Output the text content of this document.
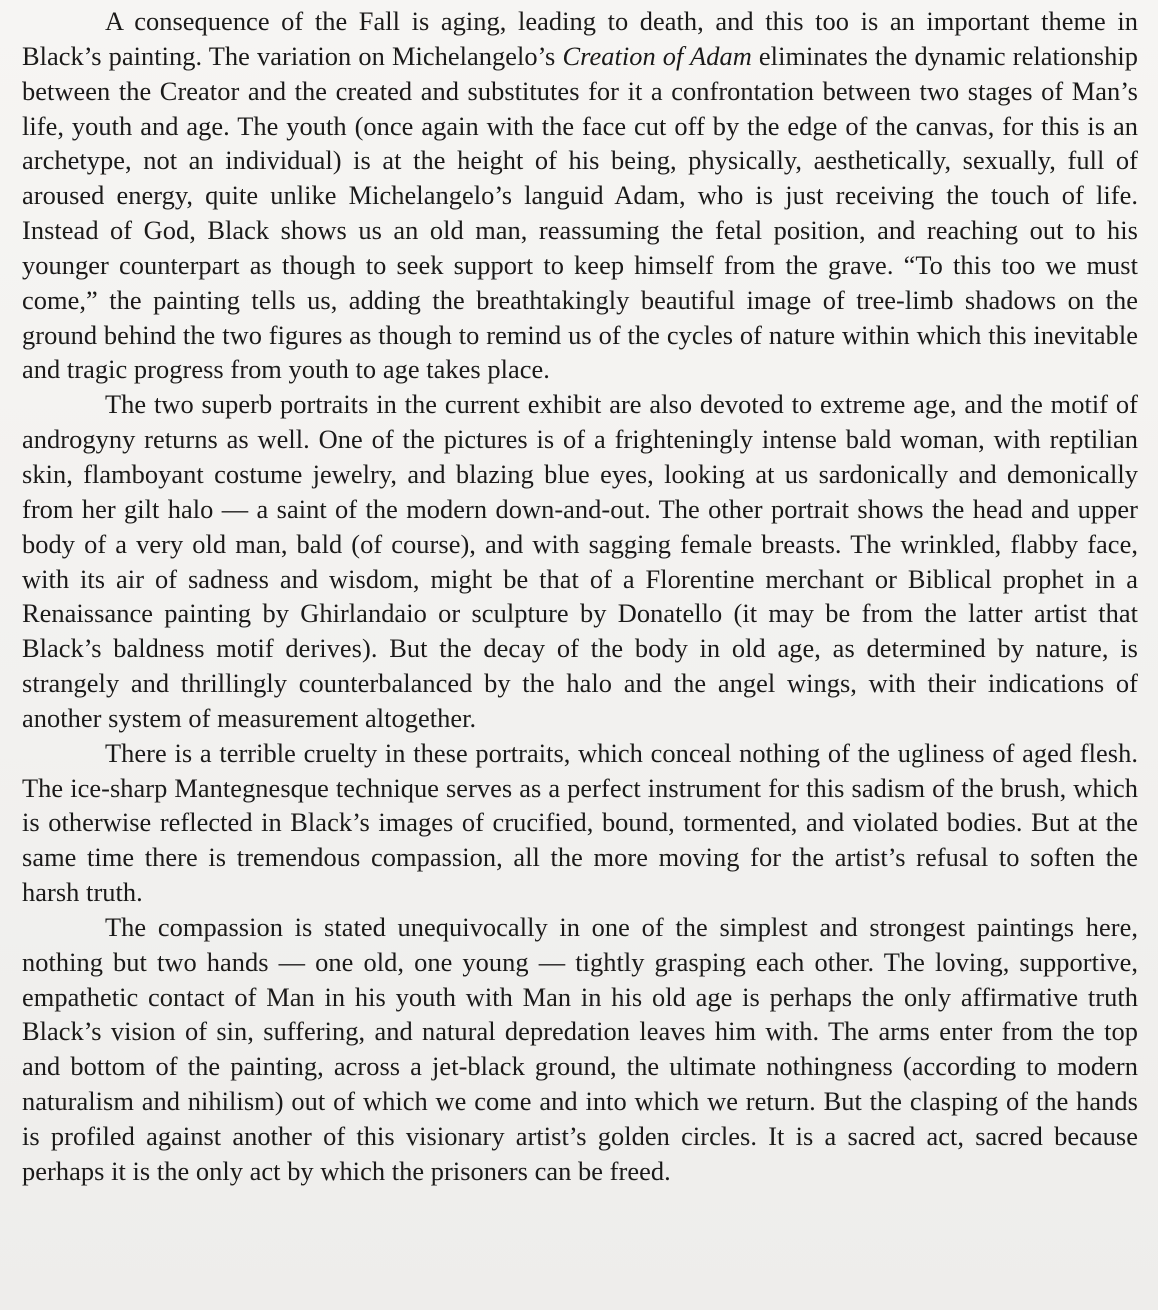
A consequence of the Fall is aging, leading to death, and this too is an important theme in Black’s painting. The variation on Michelangelo’s Creation of Adam eliminates the dynamic relationship between the Creator and the created and substitutes for it a confrontation between two stages of Man’s life, youth and age. The youth (once again with the face cut off by the edge of the canvas, for this is an archetype, not an individual) is at the height of his being, physically, aesthetically, sexually, full of aroused energy, quite unlike Michelangelo’s languid Adam, who is just receiving the touch of life. Instead of God, Black shows us an old man, reassuming the fetal position, and reaching out to his younger counterpart as though to seek support to keep himself from the grave. “To this too we must come,” the painting tells us, adding the breathtakingly beautiful image of tree-limb shadows on the ground behind the two figures as though to remind us of the cycles of nature within which this inevitable and tragic progress from youth to age takes place.

The two superb portraits in the current exhibit are also devoted to extreme age, and the motif of androgyny returns as well. One of the pictures is of a frighteningly intense bald woman, with reptilian skin, flamboyant costume jewelry, and blazing blue eyes, looking at us sardonically and demonically from her gilt halo — a saint of the modern down-and-out. The other portrait shows the head and upper body of a very old man, bald (of course), and with sagging female breasts. The wrinkled, flabby face, with its air of sadness and wisdom, might be that of a Florentine merchant or Biblical prophet in a Renaissance painting by Ghirlandaio or sculpture by Donatello (it may be from the latter artist that Black’s baldness motif derives). But the decay of the body in old age, as determined by nature, is strangely and thrillingly counterbalanced by the halo and the angel wings, with their indications of another system of measurement altogether.

There is a terrible cruelty in these portraits, which conceal nothing of the ugliness of aged flesh. The ice-sharp Mantegnesque technique serves as a perfect instrument for this sadism of the brush, which is otherwise reflected in Black’s images of crucified, bound, tormented, and violated bodies. But at the same time there is tremendous compassion, all the more moving for the artist’s refusal to soften the harsh truth.

The compassion is stated unequivocally in one of the simplest and strongest paintings here, nothing but two hands — one old, one young — tightly grasping each other. The loving, supportive, empathetic contact of Man in his youth with Man in his old age is perhaps the only affirmative truth Black’s vision of sin, suffering, and natural depredation leaves him with. The arms enter from the top and bottom of the painting, across a jet-black ground, the ultimate nothingness (according to modern naturalism and nihilism) out of which we come and into which we return. But the clasping of the hands is profiled against another of this visionary artist’s golden circles. It is a sacred act, sacred because perhaps it is the only act by which the prisoners can be freed.
